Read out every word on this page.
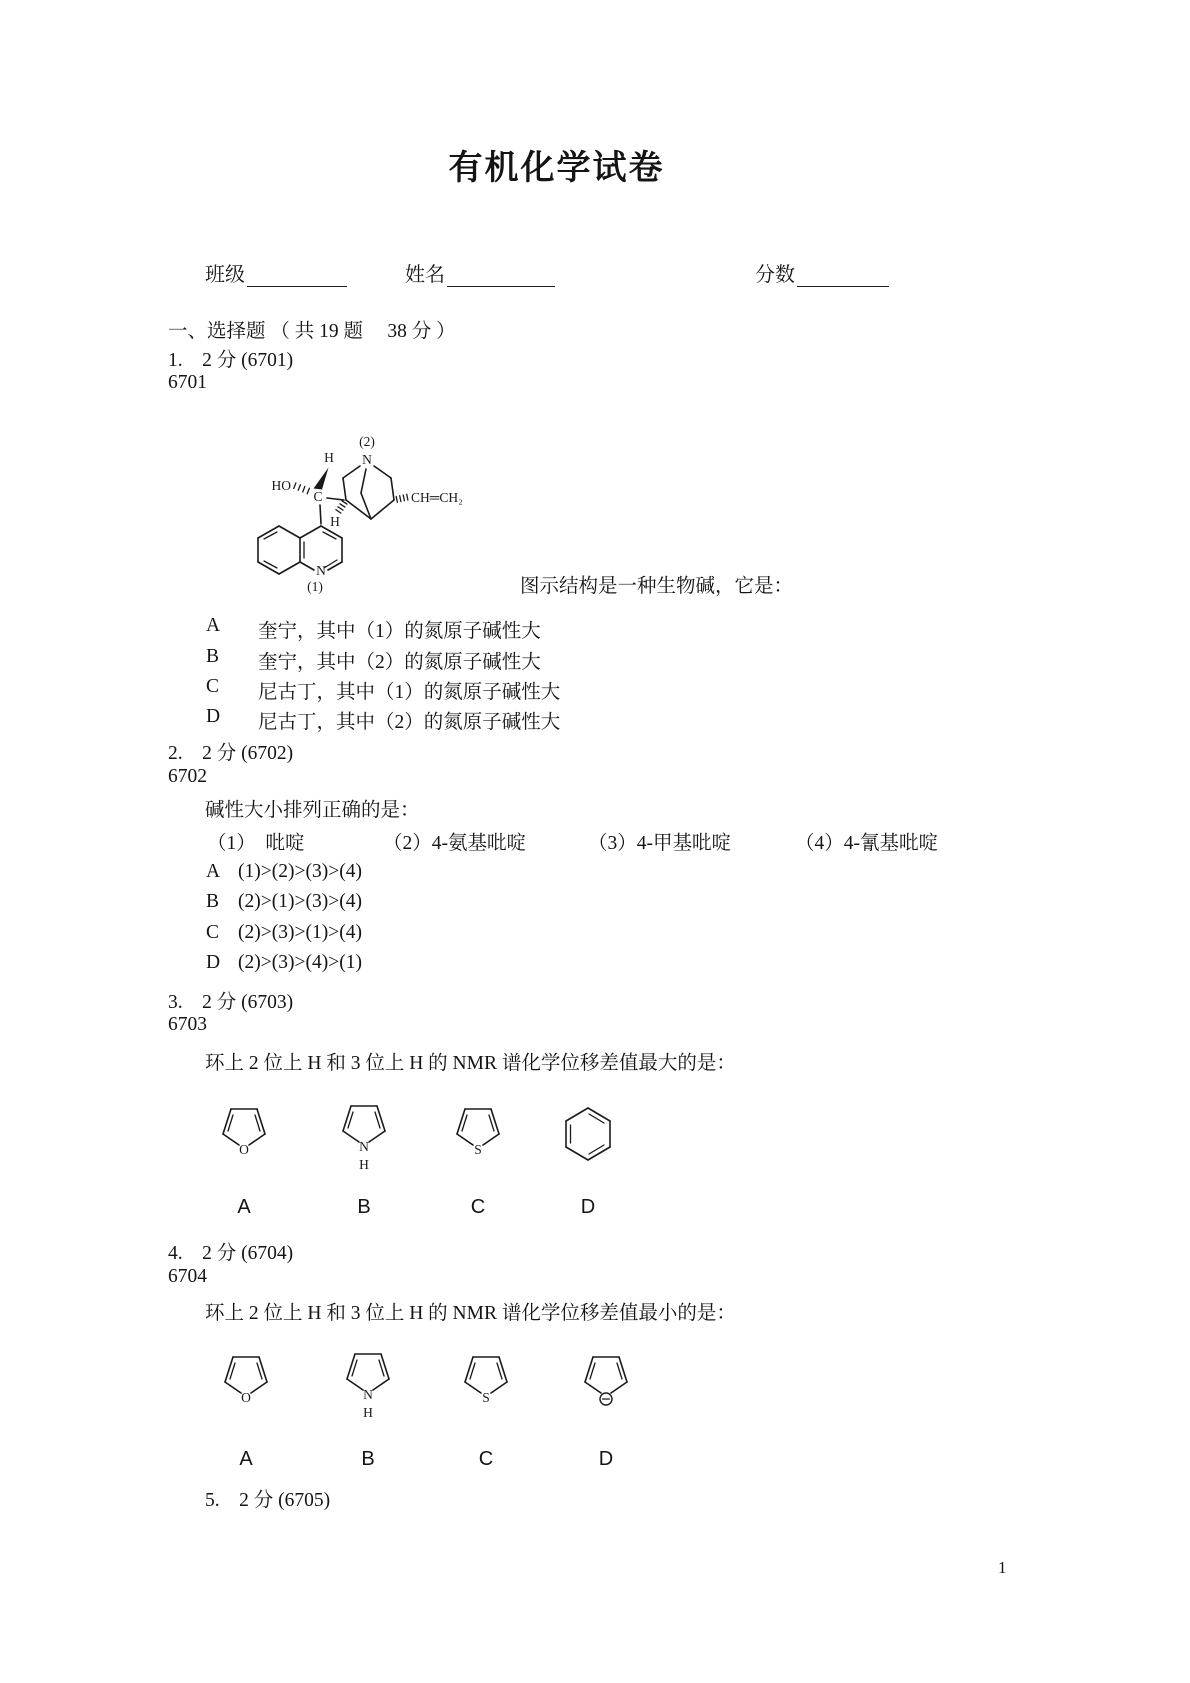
有机化学试卷
班级	姓名	分数
一、选择题 （ 共 19 题　 38 分 ）
1.　2 分 (6701)
6701
N
(2)
C
H
HO
H
CH═CH₂
N
(1)	图示结构是一种生物碱，它是：
A 奎宁，其中（1）的氮原子碱性大
B 奎宁，其中（2）的氮原子碱性大
C 尼古丁，其中（1）的氮原子碱性大
D 尼古丁，其中（2）的氮原子碱性大
2.　2 分 (6702)
6702
碱性大小排列正确的是：
（1）　吡啶	（2）4-氨基吡啶	（3）4-甲基吡啶	（4）4-氰基吡啶
A (1)>(2)>(3)>(4)
B (2)>(1)>(3)>(4)
C (2)>(3)>(1)>(4)
D (2)>(3)>(4)>(1)
3.　2 分 (6703)
6703
环上 2 位上 H 和 3 位上 H 的 NMR 谱化学位移差值最大的是：
O	N
H
S
A	B	C	D
4.　2 分 (6704)
6704
环上 2 位上 H 和 3 位上 H 的 NMR 谱化学位移差值最小的是：
O	N
H
S
A	B	C	D
5.　2 分 (6705)
1
